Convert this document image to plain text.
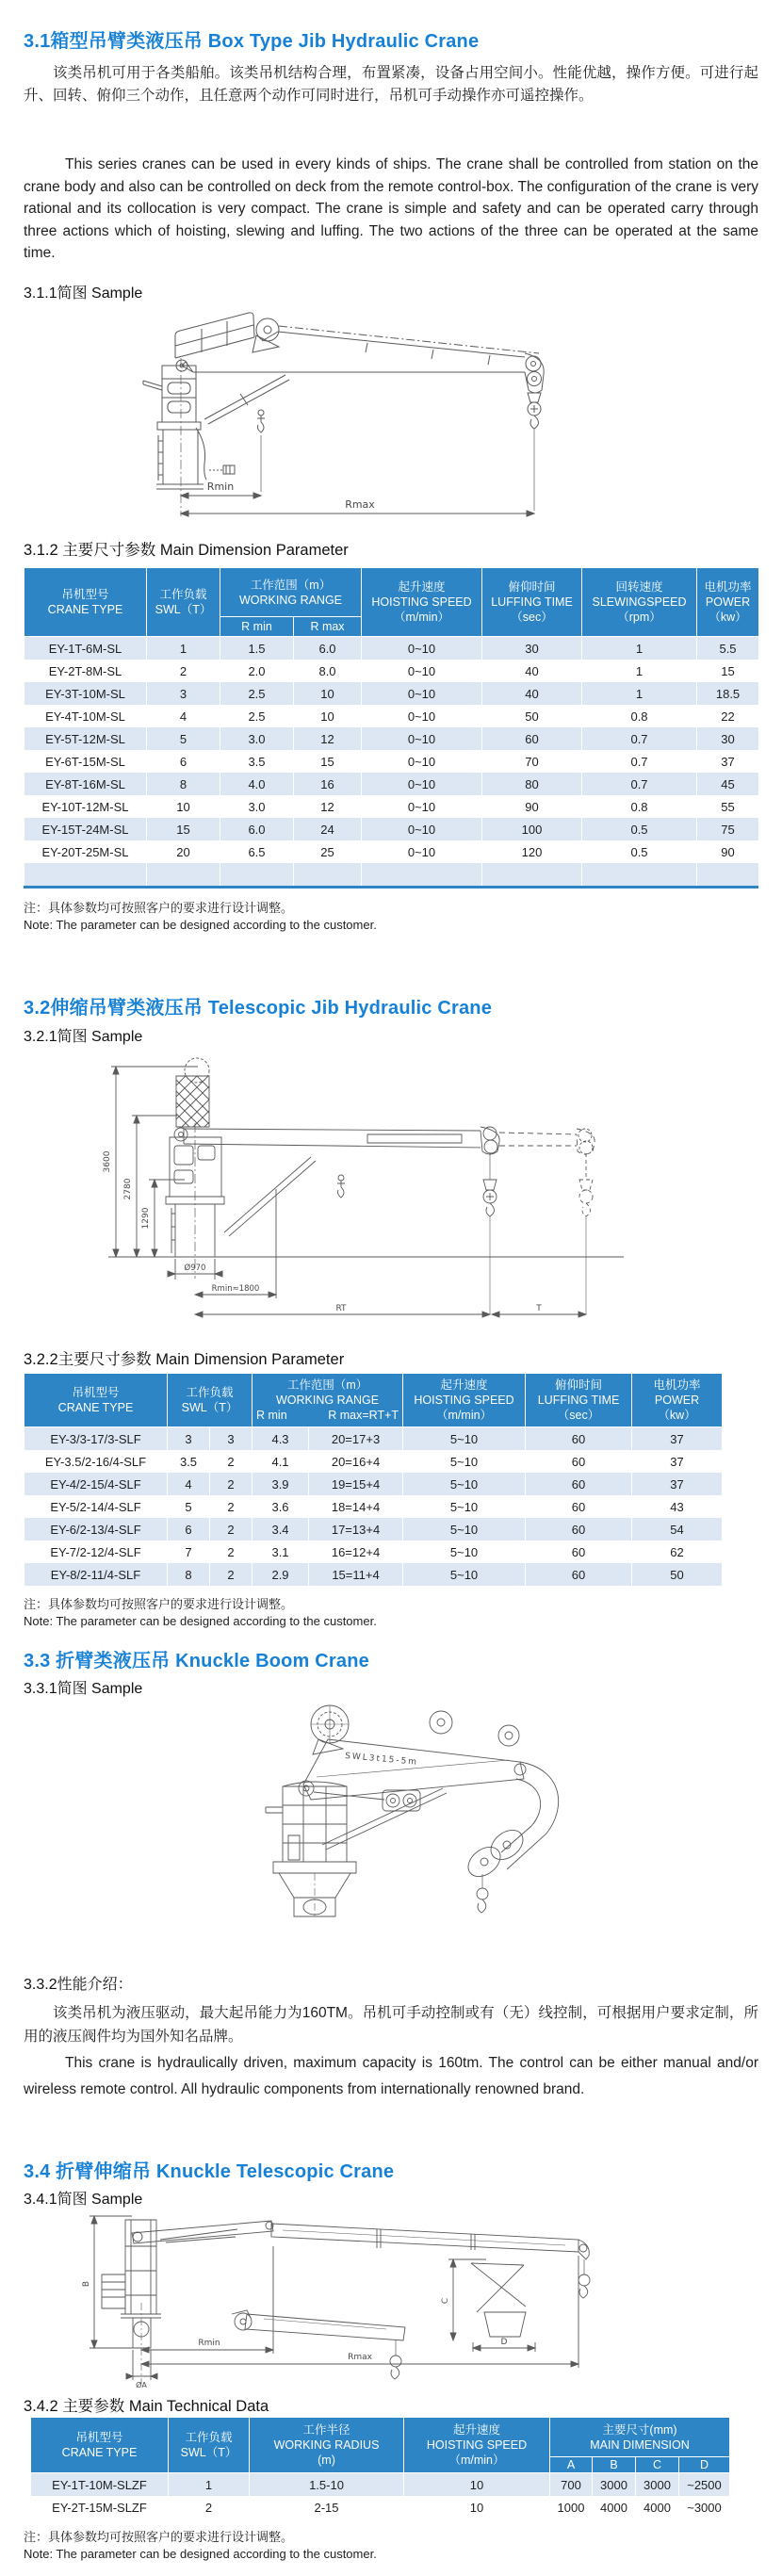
3.1箱型吊臂类液压吊 Box Type Jib Hydraulic Crane
该类吊机可用于各类船舶。该类吊机结构合理，布置紧凑，设备占用空间小。性能优越，操作方便。可进行起升、回转、俯仰三个动作，且任意两个动作可同时进行，吊机可手动操作亦可遥控操作。
This series cranes can be used in every kinds of ships. The crane shall be controlled from station on the crane body and also can be controlled on deck from the remote control-box. The configuration of the crane is very rational and its collocation is very compact. The crane is simple and safety and can be operated carry through three actions which of hoisting, slewing and luffing. The two actions of the three can be operated at the same time.
3.1.1简图 Sample
Rmin
Rmax
3.1.2 主要尺寸参数 Main Dimension Parameter
吊机型号
CRANE TYPE

工作负载
SWL（T）

工作范围（m）
WORKING RANGE

起升速度
HOISTING SPEED
（m/min）

俯仰时间
LUFFING TIME
（sec）

回转速度
SLEWINGSPEED
（rpm）

电机功率
POWER
（kw）

		R min	R max				
EY-1T-6M-SL	1	1.5	6.0	0~10	30	1	5.5
EY-2T-8M-SL	2	2.0	8.0	0~10	40	1	15
EY-3T-10M-SL	3	2.5	10	0~10	40	1	18.5
EY-4T-10M-SL	4	2.5	10	0~10	50	0.8	22
EY-5T-12M-SL	5	3.0	12	0~10	60	0.7	30
EY-6T-15M-SL	6	3.5	15	0~10	70	0.7	37
EY-8T-16M-SL	8	4.0	16	0~10	80	0.7	45
EY-10T-12M-SL	10	3.0	12	0~10	90	0.8	55
EY-15T-24M-SL	15	6.0	24	0~10	100	0.5	75
EY-20T-25M-SL	20	6.5	25	0~10	120	0.5	90

注：具体参数均可按照客户的要求进行设计调整。
Note: The parameter can be designed according to the customer.
3.2伸缩吊臂类液压吊 Telescopic Jib Hydraulic Crane
3.2.1简图 Sample
3600
2780
1290
Ø970
Rmin≈1800
RT	T
3.2.2主要尺寸参数 Main Dimension Parameter
吊机型号
CRANE TYPE

工作负载
SWL（T）

工作范围（m）
WORKING RANGE
R min	R max=RT+T

起升速度
HOISTING SPEED
（m/min）

俯仰时间
LUFFING TIME
（sec）

电机功率
POWER
（kw）

EY-3/3-17/3-SLF	3	3	4.3	20=17+3	5~10	60	37
EY-3.5/2-16/4-SLF	3.5	2	4.1	20=16+4	5~10	60	37
EY-4/2-15/4-SLF	4	2	3.9	19=15+4	5~10	60	37
EY-5/2-14/4-SLF	5	2	3.6	18=14+4	5~10	60	43
EY-6/2-13/4-SLF	6	2	3.4	17=13+4	5~10	60	54
EY-7/2-12/4-SLF	7	2	3.1	16=12+4	5~10	60	62
EY-8/2-11/4-SLF	8	2	2.9	15=11+4	5~10	60	50
注：具体参数均可按照客户的要求进行设计调整。
Note: The parameter can be designed according to the customer.
3.3 折臂类液压吊 Knuckle Boom Crane
3.3.1简图 Sample
SWL3t15-5m
3.3.2性能介绍：
该类吊机为液压驱动，最大起吊能力为160TM。吊机可手动控制或有（无）线控制，可根据用户要求定制，所用的液压阀件均为国外知名品牌。
This crane is hydraulically driven, maximum capacity is 160tm. The control can be either manual and/or wireless remote control. All hydraulic components from internationally renowned brand.
3.4 折臂伸缩吊 Knuckle Telescopic Crane
3.4.1简图 Sample
B
C
D
Rmin
Rmax
ØA
3.4.2 主要参数 Main Technical Data
吊机型号
CRANE TYPE

工作负载
SWL（T）

工作半径
WORKING RADIUS
(m)

起升速度
HOISTING SPEED
（m/min）

主要尺寸(mm)
MAIN DIMENSION

				A	B	C	D
EY-1T-10M-SLZF	1	1.5-10	10	700	3000	3000	~2500
EY-2T-15M-SLZF	2	2-15	10	1000	4000	4000	~3000
注：具体参数均可按照客户的要求进行设计调整。
Note: The parameter can be designed according to the customer.
